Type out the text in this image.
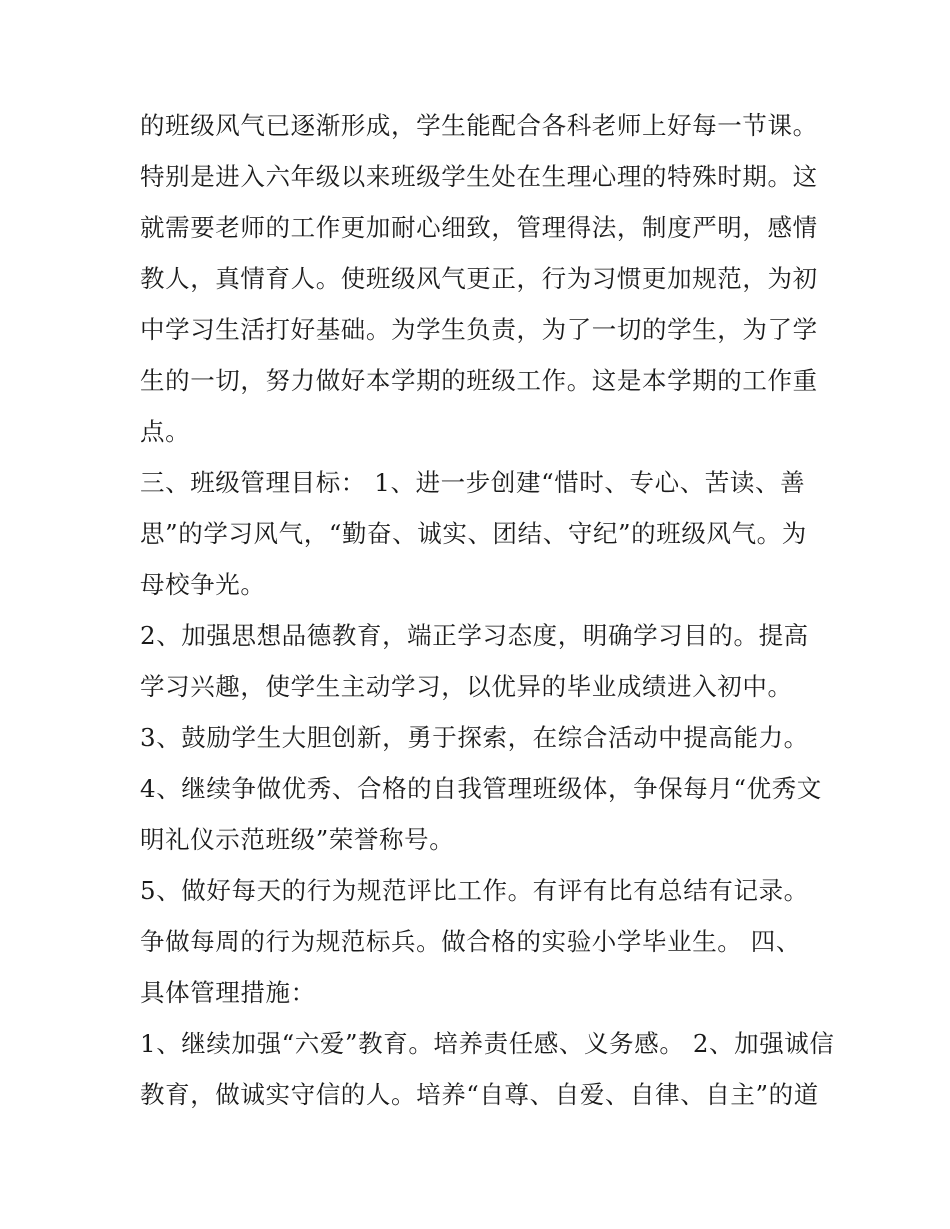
的班级风气已逐渐形成，学生能配合各科老师上好每一节课。

特别是进入六年级以来班级学生处在生理心理的特殊时期。这

就需要老师的工作更加耐心细致，管理得法，制度严明，感情

教人，真情育人。使班级风气更正，行为习惯更加规范，为初

中学习生活打好基础。为学生负责，为了一切的学生，为了学

生的一切，努力做好本学期的班级工作。这是本学期的工作重

点。

三、班级管理目标： 1、进一步创建“惜时、专心、苦读、善

思”的学习风气，“勤奋、诚实、团结、守纪”的班级风气。为

母校争光。

2、加强思想品德教育，端正学习态度，明确学习目的。提高

学习兴趣，使学生主动学习，以优异的毕业成绩进入初中。

3、鼓励学生大胆创新，勇于探索，在综合活动中提高能力。

4、继续争做优秀、合格的自我管理班级体，争保每月“优秀文

明礼仪示范班级”荣誉称号。

5、做好每天的行为规范评比工作。有评有比有总结有记录。

争做每周的行为规范标兵。做合格的实验小学毕业生。 四、

具体管理措施：

1、继续加强“六爱”教育。培养责任感、义务感。 2、加强诚信

教育，做诚实守信的人。培养“自尊、自爱、自律、自主”的道
